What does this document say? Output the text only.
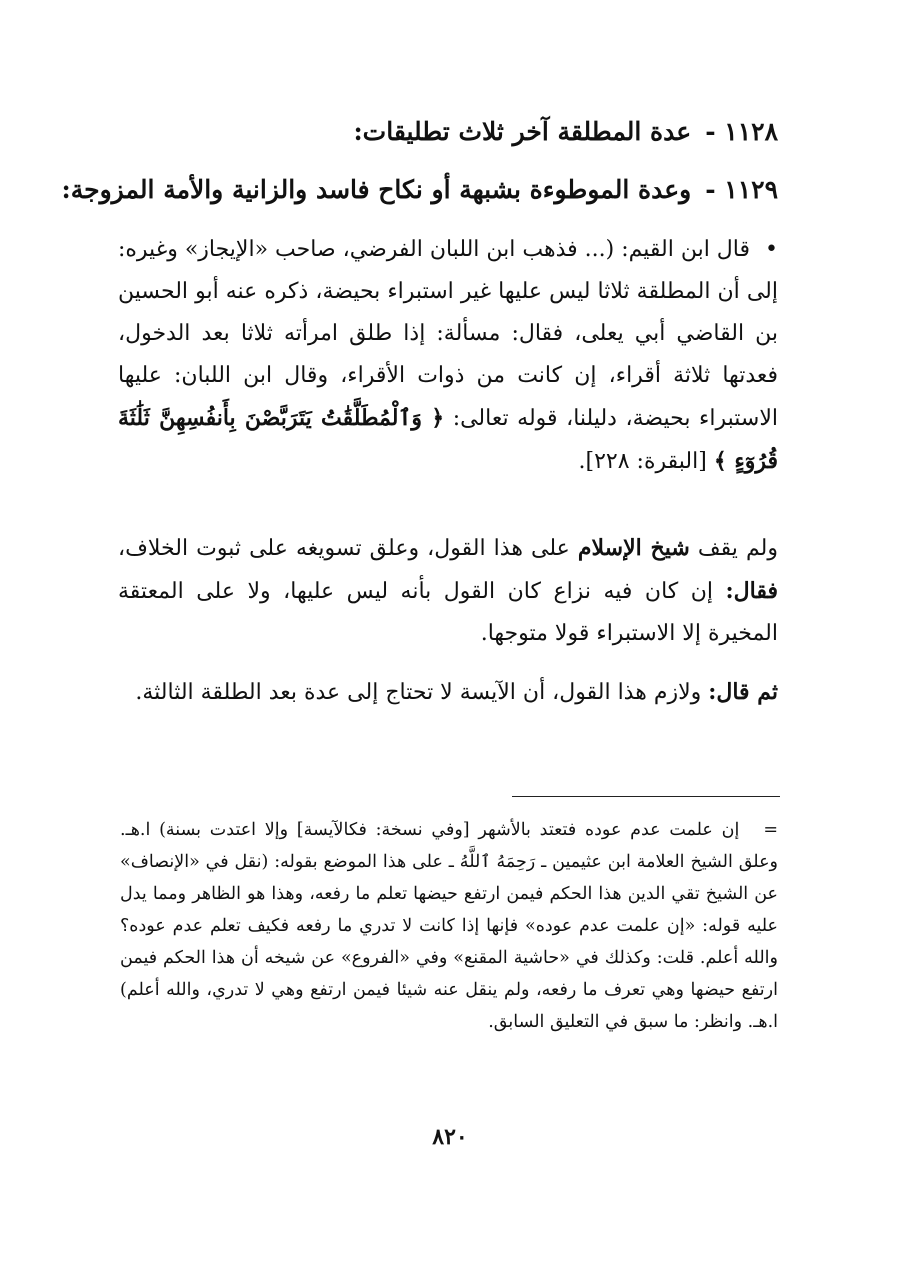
١١٢٨ -عدة المطلقة آخر ثلاث تطليقات:
١١٢٩ -وعدة الموطوءة بشبهة أو نكاح فاسد والزانية والأمة المزوجة:
• قال ابن القيم: (... فذهب ابن اللبان الفرضي، صاحب «الإيجاز» وغيره: إلى أن المطلقة ثلاثا ليس عليها غير استبراء بحيضة، ذكره عنه أبو الحسين بن القاضي أبي يعلى، فقال: مسألة: إذا طلق امرأته ثلاثا بعد الدخول، فعدتها ثلاثة أقراء، إن كانت من ذوات الأقراء، وقال ابن اللبان: عليها الاستبراء بحيضة، دليلنا، قوله تعالى: ﴿ وَٱلْمُطَلَّقَٰتُ يَتَرَبَّصْنَ بِأَنفُسِهِنَّ ثَلَٰثَةَ قُرُوٓءٍ ﴾ [البقرة: ٢٢٨].
ولم يقف شيخ الإسلام على هذا القول، وعلق تسويغه على ثبوت الخلاف، فقال: إن كان فيه نزاع كان القول بأنه ليس عليها، ولا على المعتقة المخيرة إلا الاستبراء قولا متوجها.
ثم قال: ولازم هذا القول، أن الآيسة لا تحتاج إلى عدة بعد الطلقة الثالثة.
=إن علمت عدم عوده فتعتد بالأشهر [وفي نسخة: فكالآيسة] وإلا اعتدت بسنة) ا.هـ. وعلق الشيخ العلامة ابن عثيمين ـ رَحِمَهُ ٱللَّهُ ـ على هذا الموضع بقوله: (نقل في «الإنصاف» عن الشيخ تقي الدين هذا الحكم فيمن ارتفع حيضها تعلم ما رفعه، وهذا هو الظاهر ومما يدل عليه قوله: «إن علمت عدم عوده» فإنها إذا كانت لا تدري ما رفعه فكيف تعلم عدم عوده؟ والله أعلم. قلت: وكذلك في «حاشية المقنع» وفي «الفروع» عن شيخه أن هذا الحكم فيمن ارتفع حيضها وهي تعرف ما رفعه، ولم ينقل عنه شيئا فيمن ارتفع وهي لا تدري، والله أعلم) ا.هـ. وانظر: ما سبق في التعليق السابق.
٨٢٠
